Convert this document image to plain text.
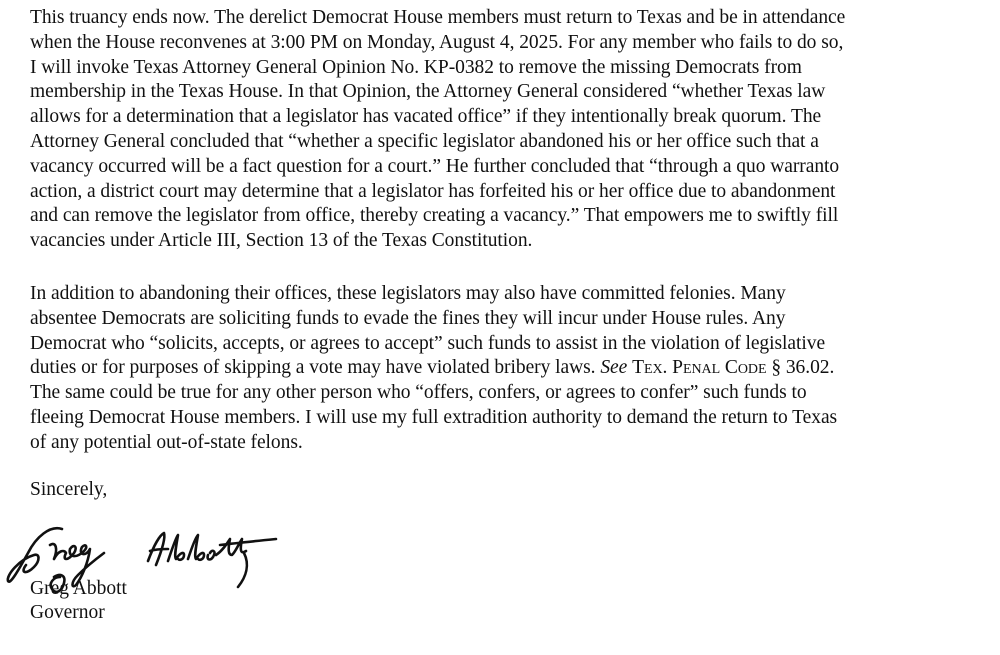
This truancy ends now. The derelict Democrat House members must return to Texas and be in attendance
when the House reconvenes at 3:00 PM on Monday, August 4, 2025. For any member who fails to do so,
I will invoke Texas Attorney General Opinion No. KP-0382 to remove the missing Democrats from
membership in the Texas House. In that Opinion, the Attorney General considered “whether Texas law
allows for a determination that a legislator has vacated office” if they intentionally break quorum. The
Attorney General concluded that “whether a specific legislator abandoned his or her office such that a
vacancy occurred will be a fact question for a court.” He further concluded that “through a quo warranto
action, a district court may determine that a legislator has forfeited his or her office due to abandonment
and can remove the legislator from office, thereby creating a vacancy.” That empowers me to swiftly fill
vacancies under Article III, Section 13 of the Texas Constitution.
In addition to abandoning their offices, these legislators may also have committed felonies. Many
absentee Democrats are soliciting funds to evade the fines they will incur under House rules. Any
Democrat who “solicits, accepts, or agrees to accept” such funds to assist in the violation of legislative
duties or for purposes of skipping a vote may have violated bribery laws. See Tex. Penal Code § 36.02.
The same could be true for any other person who “offers, confers, or agrees to confer” such funds to
fleeing Democrat House members. I will use my full extradition authority to demand the return to Texas
of any potential out-of-state felons.
Sincerely,
Greg Abbott
Governor
